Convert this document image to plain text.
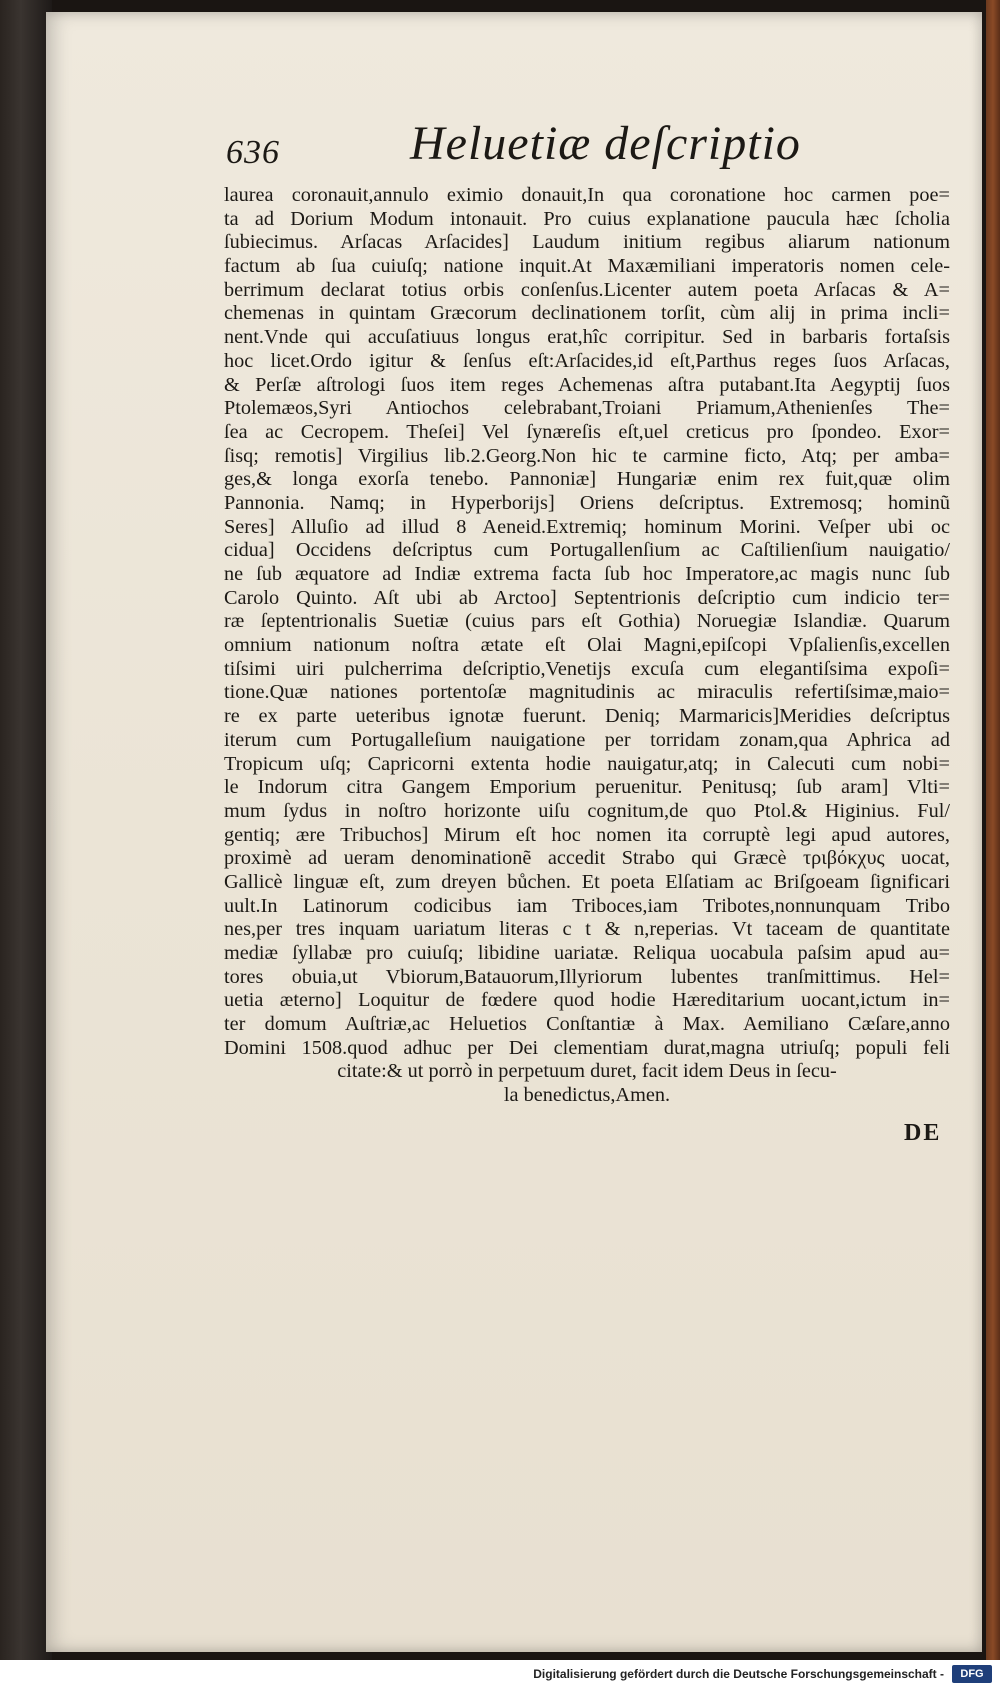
636	Heluetiæ deſcriptio
laurea coronauit,annulo eximio donauit,In qua coronatione hoc carmen poe=
ta ad Dorium Modum intonauit. Pro cuius explanatione paucula hæc ſcholia
ſubiecimus. Arſacas Arſacides] Laudum initium regibus aliarum nationum
factum ab ſua cuiuſq; natione inquit.At Maxæmiliani imperatoris nomen cele-
berrimum declarat totius orbis conſenſus.Licenter autem poeta Arſacas & A=
chemenas in quintam Græcorum declinationem torſit, cùm alij in prima incli=
nent.Vnde qui accuſatiuus longus erat,hîc corripitur. Sed in barbaris fortaſsis
hoc licet.Ordo igitur & ſenſus eſt:Arſacides,id eſt,Parthus reges ſuos Arſacas,
& Perſæ aſtrologi ſuos item reges Achemenas aſtra putabant.Ita Aegyptij ſuos
Ptolemæos,Syri Antiochos celebrabant,Troiani Priamum,Athenienſes The=
ſea ac Cecropem. Theſei] Vel ſynæreſis eſt,uel creticus pro ſpondeo. Exor=
ſisq; remotis] Virgilius lib.2.Georg.Non hic te carmine ficto, Atq; per amba=
ges,& longa exorſa tenebo. Pannoniæ] Hungariæ enim rex fuit,quæ olim
Pannonia. Namq; in Hyperborijs] Oriens deſcriptus. Extremosq; hominũ
Seres] Alluſio ad illud 8 Aeneid.Extremiq; hominum Morini. Veſper ubi oc
cidua] Occidens deſcriptus cum Portugallenſium ac Caſtilienſium nauigatio/
ne ſub æquatore ad Indiæ extrema facta ſub hoc Imperatore,ac magis nunc ſub
Carolo Quinto. Aſt ubi ab Arctoo] Septentrionis deſcriptio cum indicio ter=
ræ ſeptentrionalis Suetiæ (cuius pars eſt Gothia) Noruegiæ Islandiæ. Quarum
omnium nationum noſtra ætate eſt Olai Magni,epiſcopi Vpſalienſis,excellen
tiſsimi uiri pulcherrima deſcriptio,Venetijs excuſa cum elegantiſsima expoſi=
tione.Quæ nationes portentoſæ magnitudinis ac miraculis refertiſsimæ,maio=
re ex parte ueteribus ignotæ fuerunt. Deniq; Marmaricis]Meridies deſcriptus
iterum cum Portugalleſium nauigatione per torridam zonam,qua Aphrica ad
Tropicum uſq; Capricorni extenta hodie nauigatur,atq; in Calecuti cum nobi=
le Indorum citra Gangem Emporium peruenitur. Penitusq; ſub aram] Vlti=
mum ſydus in noſtro horizonte uiſu cognitum,de quo Ptol.& Higinius. Ful/
gentiq; ære Tribuchos] Mirum eſt hoc nomen ita corruptè legi apud autores,
proximè ad ueram denominationẽ accedit Strabo qui Græcè τριβόκχυς uocat,
Gallicè linguæ eſt, zum dreyen bůchen. Et poeta Elſatiam ac Briſgoeam ſignificari
uult.In Latinorum codicibus iam Triboces,iam Tribotes,nonnunquam Tribo
nes,per tres inquam uariatum literas c t & n,reperias. Vt taceam de quantitate
mediæ ſyllabæ pro cuiuſq; libidine uariatæ. Reliqua uocabula paſsim apud au=
tores obuia,ut Vbiorum,Batauorum,Illyriorum lubentes tranſmittimus. Hel=
uetia æterno] Loquitur de fœdere quod hodie Hæreditarium uocant,ictum in=
ter domum Auſtriæ,ac Heluetios Conſtantiæ à Max. Aemiliano Cæſare,anno
Domini 1508.quod adhuc per Dei clementiam durat,magna utriuſq; populi feli
citate:& ut porrò in perpetuum duret, facit idem Deus in ſecu-
la benedictus,Amen.
DE
Digitalisierung gefördert durch die Deutsche Forschungsgemeinschaft -	DFG
